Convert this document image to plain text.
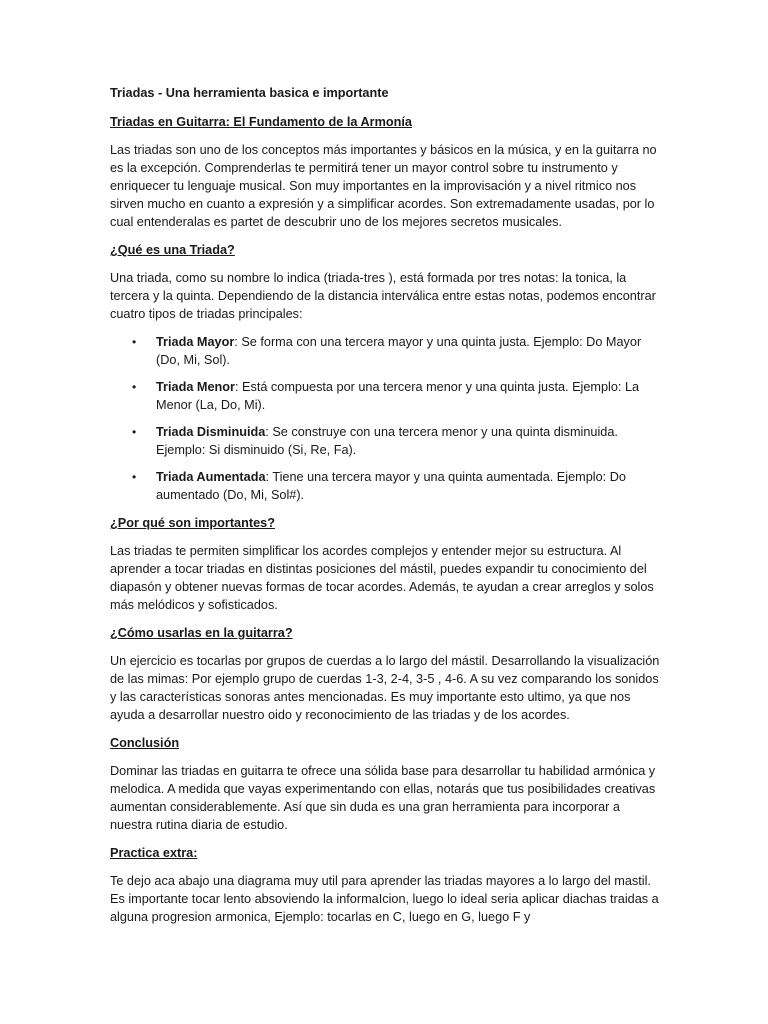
Triadas - Una herramienta basica e importante
Triadas en Guitarra: El Fundamento de la Armonía

Las triadas son uno de los conceptos más importantes y básicos en la música, y en la guitarra no es la excepción. Comprenderlas te permitirá tener un mayor control sobre tu instrumento y enriquecer tu lenguaje musical. Son muy importantes en la improvisación y a nivel ritmico nos sirven mucho en cuanto a expresión y a simplificar acordes. Son extremadamente usadas, por lo cual entenderalas es partet de descubrir uno de los mejores secretos musicales.

¿Qué es una Triada?

Una triada, como su nombre lo indica (triada-tres ), está formada por tres notas: la tonica, la tercera y la quinta. Dependiendo de la distancia interválica entre estas notas, podemos encontrar cuatro tipos de triadas principales:

• Triada Mayor: Se forma con una tercera mayor y una quinta justa. Ejemplo: Do Mayor (Do, Mi, Sol).
• Triada Menor: Está compuesta por una tercera menor y una quinta justa. Ejemplo: La Menor (La, Do, Mi).
• Triada Disminuida: Se construye con una tercera menor y una quinta disminuida. Ejemplo: Si disminuido (Si, Re, Fa).
• Triada Aumentada: Tiene una tercera mayor y una quinta aumentada. Ejemplo: Do aumentado (Do, Mi, Sol#).
¿Por qué son importantes?

Las triadas te permiten simplificar los acordes complejos y entender mejor su estructura. Al aprender a tocar triadas en distintas posiciones del mástil, puedes expandir tu conocimiento del diapasón y obtener nuevas formas de tocar acordes. Además, te ayudan a crear arreglos y solos más melódicos y sofisticados.

¿Cómo usarlas en la guitarra?

Un ejercicio es tocarlas por grupos de cuerdas a lo largo del mástil. Desarrollando la visualización de las mimas: Por ejemplo grupo de cuerdas 1-3, 2-4, 3-5 , 4-6. A su vez comparando los sonidos y las características sonoras antes mencionadas. Es muy importante esto ultimo, ya que nos ayuda a desarrollar nuestro oido y reconocimiento de las triadas y de los acordes.

Conclusión

Dominar las triadas en guitarra te ofrece una sólida base para desarrollar tu habilidad armónica y melodica. A medida que vayas experimentando con ellas, notarás que tus posibilidades creativas aumentan considerablemente. Así que sin duda es una gran herramienta para incorporar a nuestra rutina diaria de estudio.

Practica extra:

Te dejo aca abajo una diagrama muy util para aprender las triadas mayores a lo largo del mastil. Es importante tocar lento absoviendo la informaIcion, luego lo ideal seria aplicar diachas traidas a alguna progresion armonica, Ejemplo: tocarlas en C, luego en G, luego F y
